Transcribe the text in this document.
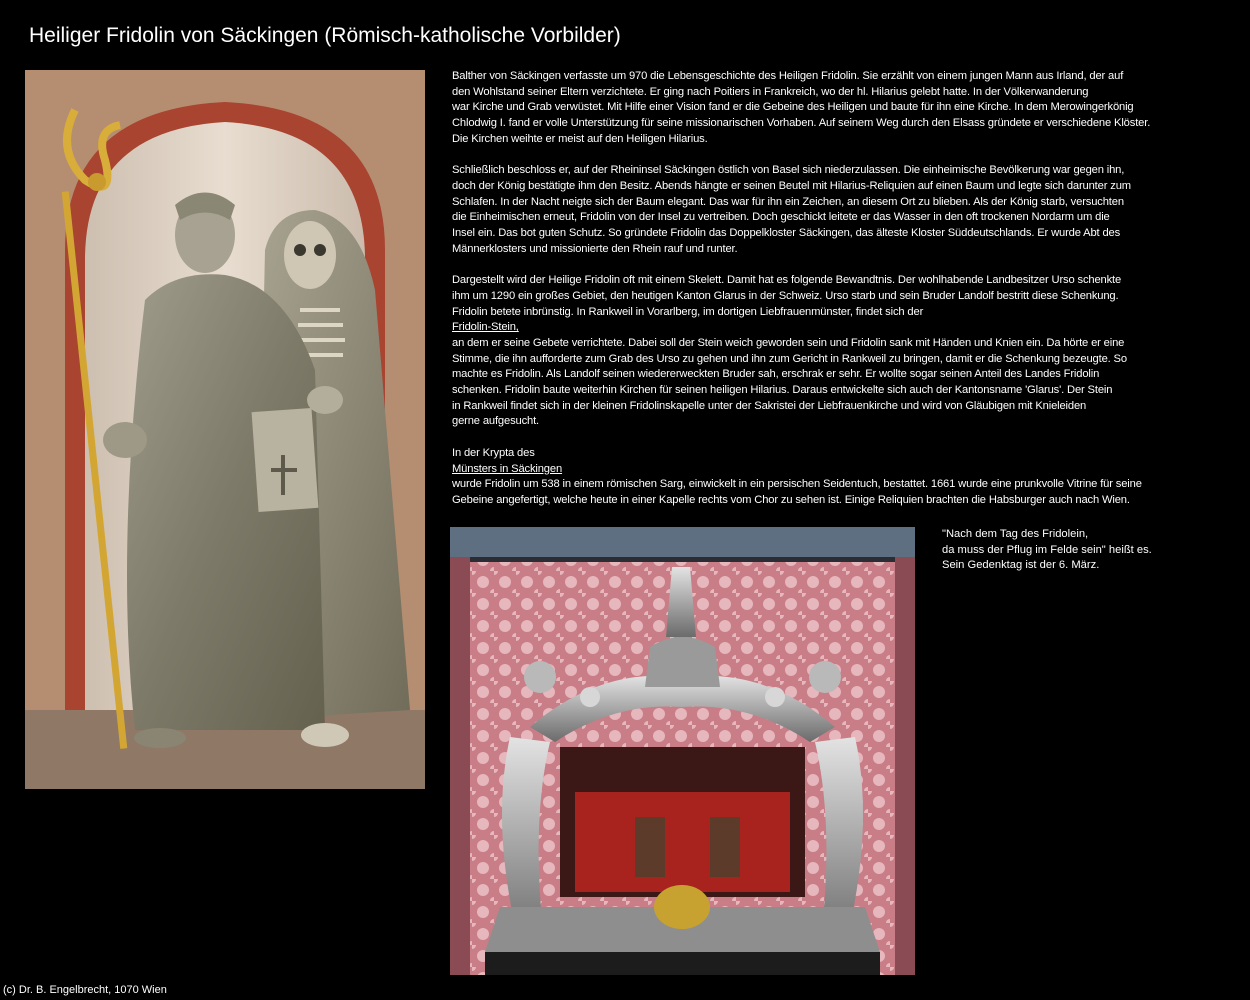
Heiliger Fridolin von Säckingen (Römisch-katholische Vorbilder)

Balther von Säckingen verfasste um 970 die Lebensgeschichte des Heiligen Fridolin. Sie erzählt von einem jungen Mann aus Irland, der auf
den Wohlstand seiner Eltern verzichtete. Er ging nach Poitiers in Frankreich, wo der hl. Hilarius gelebt hatte. In der Völkerwanderung
war Kirche und Grab verwüstet. Mit Hilfe einer Vision fand er die Gebeine des Heiligen und baute für ihn eine Kirche. In dem Merowingerkönig
Chlodwig I. fand er volle Unterstützung für seine missionarischen Vorhaben. Auf seinem Weg durch den Elsass gründete er verschiedene Klöster.
Die Kirchen weihte er meist auf den Heiligen Hilarius.

Schließlich beschloss er, auf der Rheininsel Säckingen östlich von Basel sich niederzulassen. Die einheimische Bevölkerung war gegen ihn,
doch der König bestätigte ihm den Besitz. Abends hängte er seinen Beutel mit Hilarius-Reliquien auf einen Baum und legte sich darunter zum
Schlafen. In der Nacht neigte sich der Baum elegant. Das war für ihn ein Zeichen, an diesem Ort zu blieben. Als der König starb, versuchten
die Einheimischen erneut, Fridolin von der Insel zu vertreiben. Doch geschickt leitete er das Wasser in den oft trockenen Nordarm um die
Insel ein. Das bot guten Schutz. So gründete Fridolin das Doppelkloster Säckingen, das älteste Kloster Süddeutschlands. Er wurde Abt des
Männerklosters und missionierte den Rhein rauf und runter.

Dargestellt wird der Heilige Fridolin oft mit einem Skelett. Damit hat es folgende Bewandtnis. Der wohlhabende Landbesitzer Urso schenkte
ihm um 1290 ein großes Gebiet, den heutigen Kanton Glarus in der Schweiz. Urso starb und sein Bruder Landolf bestritt diese Schenkung.
Fridolin betete inbrünstig. In Rankweil in Vorarlberg, im dortigen Liebfrauenmünster, findet sich der
Fridolin-Stein,
an dem er seine Gebete verrichtete. Dabei soll der Stein weich geworden sein und Fridolin sank mit Händen und Knien ein. Da hörte er eine
Stimme, die ihn aufforderte zum Grab des Urso zu gehen und ihn zum Gericht in Rankweil zu bringen, damit er die Schenkung bezeugte. So
machte es Fridolin. Als Landolf seinen wiedererweckten Bruder sah, erschrak er sehr. Er wollte sogar seinen Anteil des Landes Fridolin
schenken. Fridolin baute weiterhin Kirchen für seinen heiligen Hilarius. Daraus entwickelte sich auch der Kantonsname 'Glarus'. Der Stein
in Rankweil findet sich in der kleinen Fridolinskapelle unter der Sakristei der Liebfrauenkirche und wird von Gläubigen mit Knieleiden
gerne aufgesucht.

In der Krypta des
Münsters in Säckingen
wurde Fridolin um 538 in einem römischen Sarg, einwickelt in ein persischen Seidentuch, bestattet. 1661 wurde eine prunkvolle Vitrine für seine
Gebeine angefertigt, welche heute in einer Kapelle rechts vom Chor zu sehen ist. Einige Reliquien brachten die Habsburger auch nach Wien.

"Nach dem Tag des Fridolein,
da muss der Pflug im Felde sein" heißt es.
Sein Gedenktag ist der 6. März.
(c) Dr. B. Engelbrecht, 1070 Wien
